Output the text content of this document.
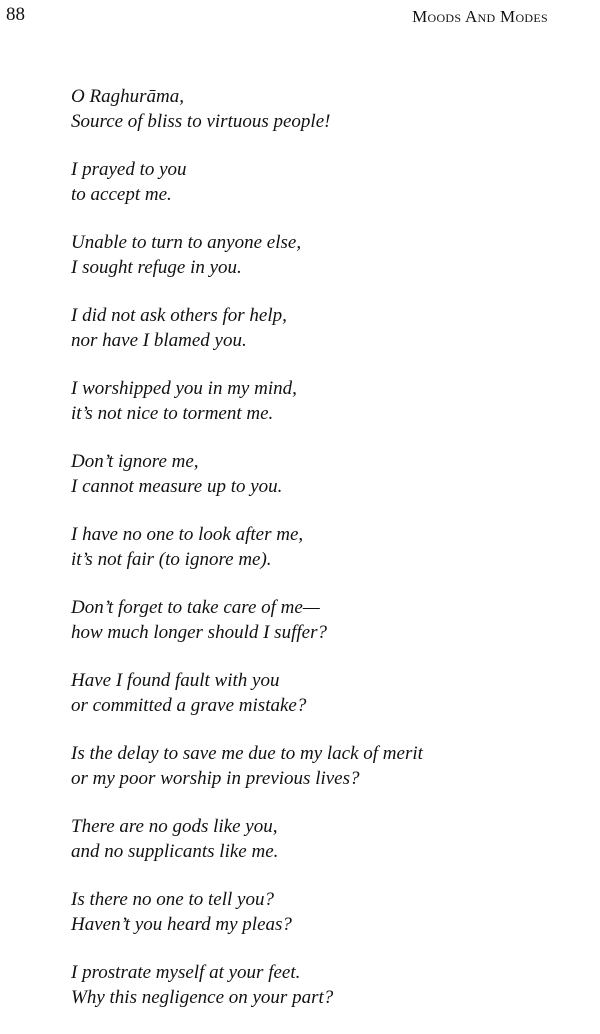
88	Moods And Modes
O Raghurāma,
Source of bliss to virtuous people!
I prayed to you
to accept me.
Unable to turn to anyone else,
I sought refuge in you.
I did not ask others for help,
nor have I blamed you.
I worshipped you in my mind,
it’s not nice to torment me.
Don’t ignore me,
I cannot measure up to you.
I have no one to look after me,
it’s not fair (to ignore me).
Don’t forget to take care of me—
how much longer should I suffer?
Have I found fault with you
or committed a grave mistake?
Is the delay to save me due to my lack of merit
or my poor worship in previous lives?
There are no gods like you,
and no supplicants like me.
Is there no one to tell you?
Haven’t you heard my pleas?
I prostrate myself at your feet.
Why this negligence on your part?
